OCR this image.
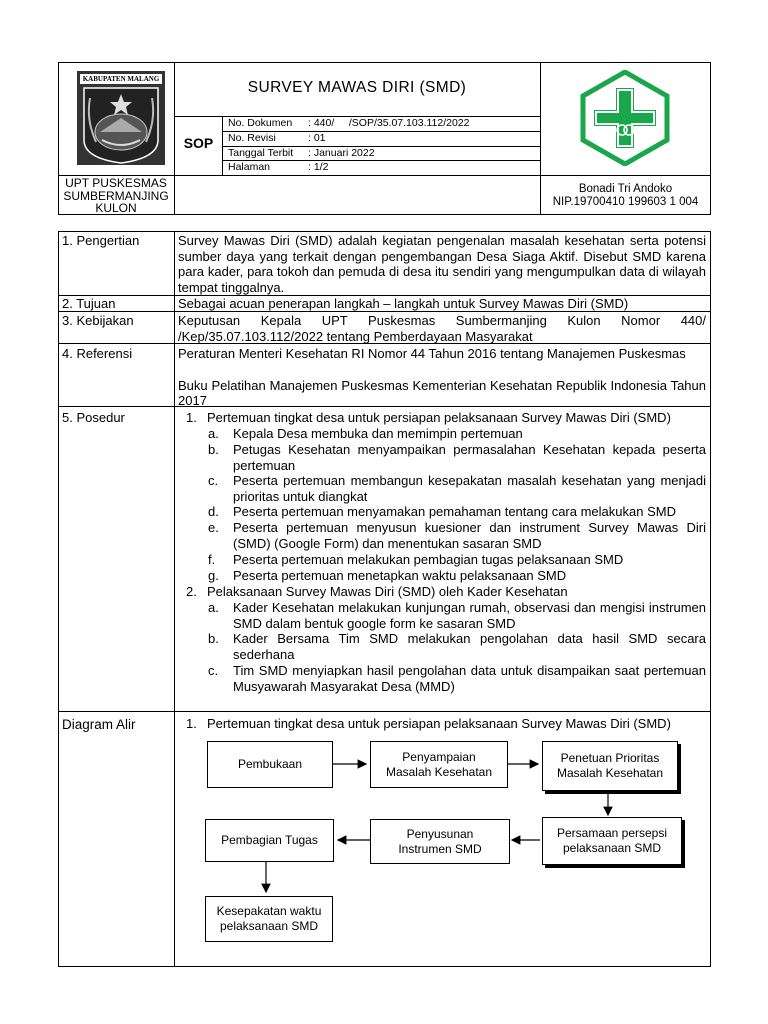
KABUPATEN MALANG	SURVEY MAWAS DIRI (SMD)
SOP
No. Dokumen : 440/     /SOP/35.07.103.112/2022
No. Revisi	: 01
Tanggal Terbit : Januari 2022
Halaman	: 1/2
UPT PUSKESMAS
SUMBERMANJING
KULON
Bonadi Tri Andoko
NIP.19700410 199603 1 004
1. Pengertian	Survey Mawas Diri (SMD) adalah kegiatan pengenalan masalah kesehatan serta potensi sumber daya yang terkait dengan pengembangan Desa Siaga Aktif. Disebut SMD karena para kader, para tokoh dan pemuda di desa itu sendiri yang mengumpulkan data di wilayah tempat tinggalnya.
2. Tujuan	Sebagai acuan penerapan langkah – langkah untuk Survey Mawas Diri (SMD)
3. Kebijakan	Keputusan Kepala UPT Puskesmas Sumbermanjing Kulon Nomor 440/ /Kep/35.07.103.112/2022 tentang Pemberdayaan Masyarakat
4. Referensi	Peraturan Menteri Kesehatan RI Nomor 44 Tahun 2016 tentang Manajemen Puskesmas
Buku Pelatihan Manajemen Puskesmas Kementerian Kesehatan Republik Indonesia Tahun 2017
5. Posedur	1. Pertemuan tingkat desa untuk persiapan pelaksanaan Survey Mawas Diri (SMD)
a. Kepala Desa membuka dan memimpin pertemuan
b. Petugas Kesehatan menyampaikan permasalahan Kesehatan kepada peserta pertemuan
c. Peserta pertemuan membangun kesepakatan masalah kesehatan yang menjadi prioritas untuk diangkat
d. Peserta pertemuan menyamakan pemahaman tentang cara melakukan SMD
e. Peserta pertemuan menyusun kuesioner dan instrument Survey Mawas Diri (SMD) (Google Form) dan menentukan sasaran SMD
f. Peserta pertemuan melakukan pembagian tugas pelaksanaan SMD
g. Peserta pertemuan menetapkan waktu pelaksanaan SMD
2. Pelaksanaan Survey Mawas Diri (SMD) oleh Kader Kesehatan
a. Kader Kesehatan melakukan kunjungan rumah, observasi dan mengisi instrumen SMD dalam bentuk google form ke sasaran SMD
b. Kader Bersama Tim SMD melakukan pengolahan data hasil SMD secara sederhana
c. Tim SMD menyiapkan hasil pengolahan data untuk disampaikan saat pertemuan Musyawarah Masyarakat Desa (MMD)
Diagram Alir	1. Pertemuan tingkat desa untuk persiapan pelaksanaan Survey Mawas Diri (SMD)
Pembukaan
Penyampaian
Masalah Kesehatan
Penetuan Prioritas
Masalah Kesehatan
Persamaan persepsi
pelaksanaan SMD
Penyusunan
Instrumen SMD
Pembagian Tugas
Kesepakatan waktu
pelaksanaan SMD
